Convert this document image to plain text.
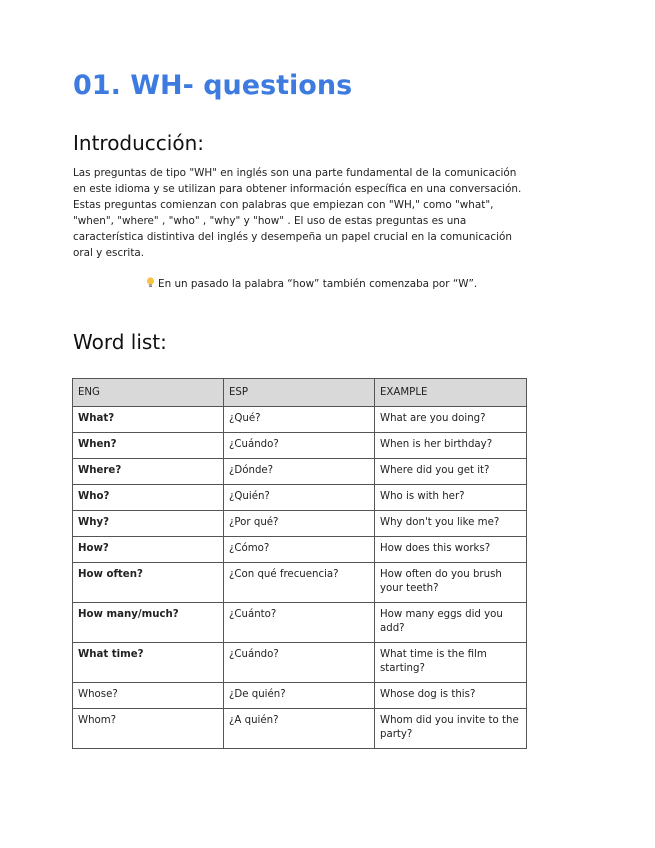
01. WH- questions
Introducción:

Las preguntas de tipo "WH" en inglés son una parte fundamental de la comunicación en este idioma y se utilizan para obtener información específica en una conversación. Estas preguntas comienzan con palabras que empiezan con "WH," como "what", "when", "where" , "who" , "why" y "how" . El uso de estas preguntas es una característica distintiva del inglés y desempeña un papel crucial en la comunicación oral y escrita.

En un pasado la palabra “how” también comenzaba por “W”.

Word list:
ENG	ESP	EXAMPLE
What?	¿Qué?	What are you doing?
When?	¿Cuándo?	When is her birthday?
Where?	¿Dónde?	Where did you get it?
Who?	¿Quién?	Who is with her?
Why?	¿Por qué?	Why don't you like me?
How?	¿Cómo?	How does this works?
How often?	¿Con qué frecuencia?	How often do you brush your teeth?
How many/much?	¿Cuánto?	How many eggs did you add?
What time?	¿Cuándo?	What time is the film starting?
Whose?	¿De quién?	Whose dog is this?
Whom?	¿A quién?	Whom did you invite to the party?
